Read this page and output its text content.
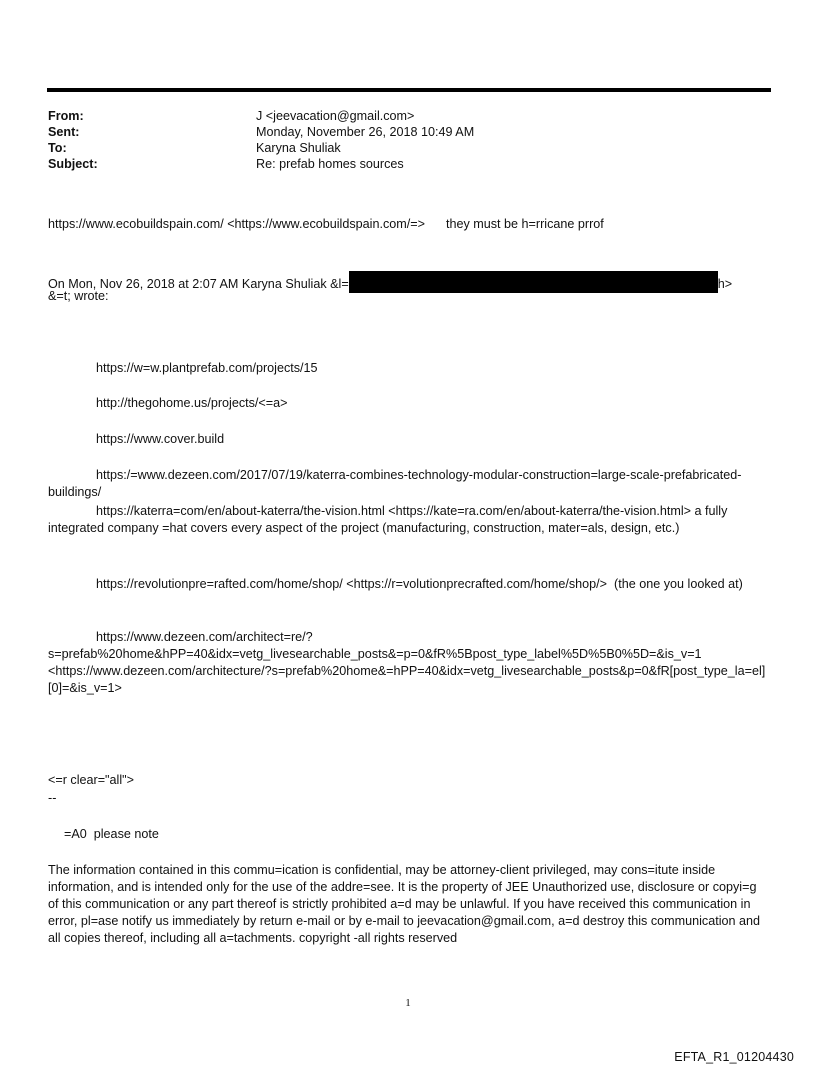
From:	J <jeevacation@gmail.com>
Sent:	Monday, November 26, 2018 10:49 AM
To:	Karyna Shuliak
Subject:	Re: prefab homes sources
https://www.ecobuildspain.com/ <https://www.ecobuildspain.com/=>      they must be h=rricane prrof
On Mon, Nov 26, 2018 at 2:07 AM Karyna Shuliak &l=	h>
&=t; wrote:
https://w=w.plantprefab.com/projects/15
http://thegohome.us/projects/<=a>
https://www.cover.build
https:/=www.dezeen.com/2017/07/19/katerra-combines-technology-modular-construction=large-scale-prefabricated-buildings/
https://katerra=com/en/about-katerra/the-vision.html <https://kate=ra.com/en/about-katerra/the-vision.html> a fully integrated company =hat covers every aspect of the project (manufacturing, construction, mater=als, design, etc.)
https://revolutionpre=rafted.com/home/shop/ <https://r=volutionprecrafted.com/home/shop/>  (the one you looked at)
https://www.dezeen.com/architect=re/?s=prefab%20home&hPP=40&idx=vetg_livesearchable_posts&=p=0&fR%5Bpost_type_label%5D%5B0%5D=&is_v=1
<https://www.dezeen.com/architecture/?s=prefab%20home&=hPP=40&idx=vetg_livesearchable_posts&p=0&fR[post_type_la=el][0]=&is_v=1>
<=r clear="all">
--
=A0  please note
The information contained in this commu=ication is confidential, may be attorney-client privileged, may cons=itute inside information, and is intended only for the use of the addre=see. It is the property of JEE Unauthorized use, disclosure or copyi=g of this communication or any part thereof is strictly prohibited a=d may be unlawful. If you have received this communication in error, pl=ase notify us immediately by return e-mail or by e-mail to jeevacation@gmail.com, a=d destroy this communication and all copies thereof, including all a=tachments. copyright -all rights reserved
1
EFTA_R1_01204430
